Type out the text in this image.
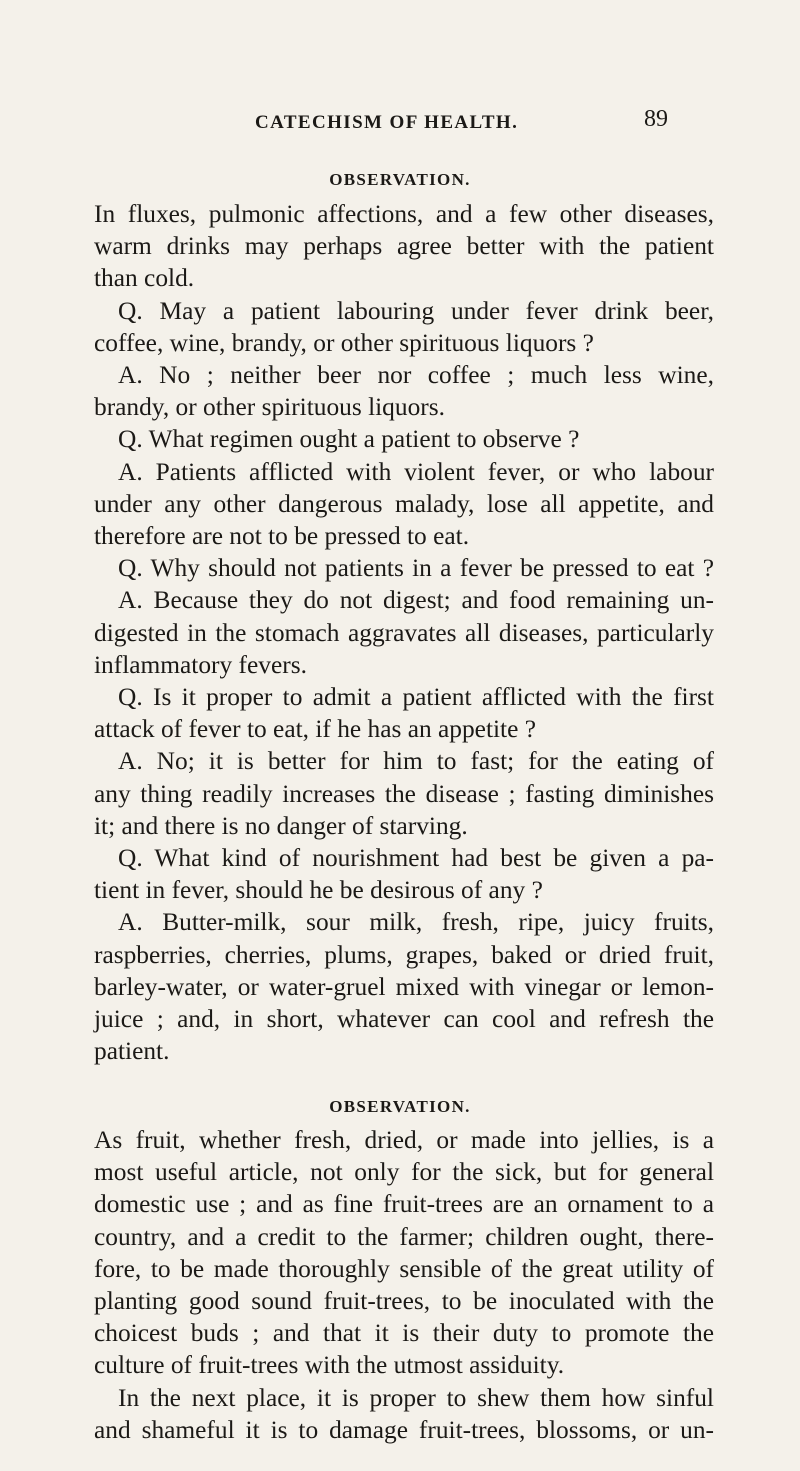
CATECHISM OF HEALTH.	89
OBSERVATION.
In fluxes, pulmonic affections, and a few other diseases,
warm drinks may perhaps agree better with the patient
than cold.
Q. May a patient labouring under fever drink beer,
coffee, wine, brandy, or other spirituous liquors ?
A. No ; neither beer nor coffee ; much less wine,
brandy, or other spirituous liquors.
Q. What regimen ought a patient to observe ?
A. Patients afflicted with violent fever, or who labour
under any other dangerous malady, lose all appetite, and
therefore are not to be pressed to eat.
Q. Why should not patients in a fever be pressed to eat ?
A. Because they do not digest; and food remaining un-
digested in the stomach aggravates all diseases, particularly
inflammatory fevers.
Q. Is it proper to admit a patient afflicted with the first
attack of fever to eat, if he has an appetite ?
A. No; it is better for him to fast; for the eating of
any thing readily increases the disease ; fasting diminishes
it; and there is no danger of starving.
Q. What kind of nourishment had best be given a pa-
tient in fever, should he be desirous of any ?
A. Butter-milk, sour milk, fresh, ripe, juicy fruits,
raspberries, cherries, plums, grapes, baked or dried fruit,
barley-water, or water-gruel mixed with vinegar or lemon-
juice ; and, in short, whatever can cool and refresh the
patient.
OBSERVATION.
As fruit, whether fresh, dried, or made into jellies, is a
most useful article, not only for the sick, but for general
domestic use ; and as fine fruit-trees are an ornament to a
country, and a credit to the farmer; children ought, there-
fore, to be made thoroughly sensible of the great utility of
planting good sound fruit-trees, to be inoculated with the
choicest buds ; and that it is their duty to promote the
culture of fruit-trees with the utmost assiduity.
In the next place, it is proper to shew them how sinful
and shameful it is to damage fruit-trees, blossoms, or un-
